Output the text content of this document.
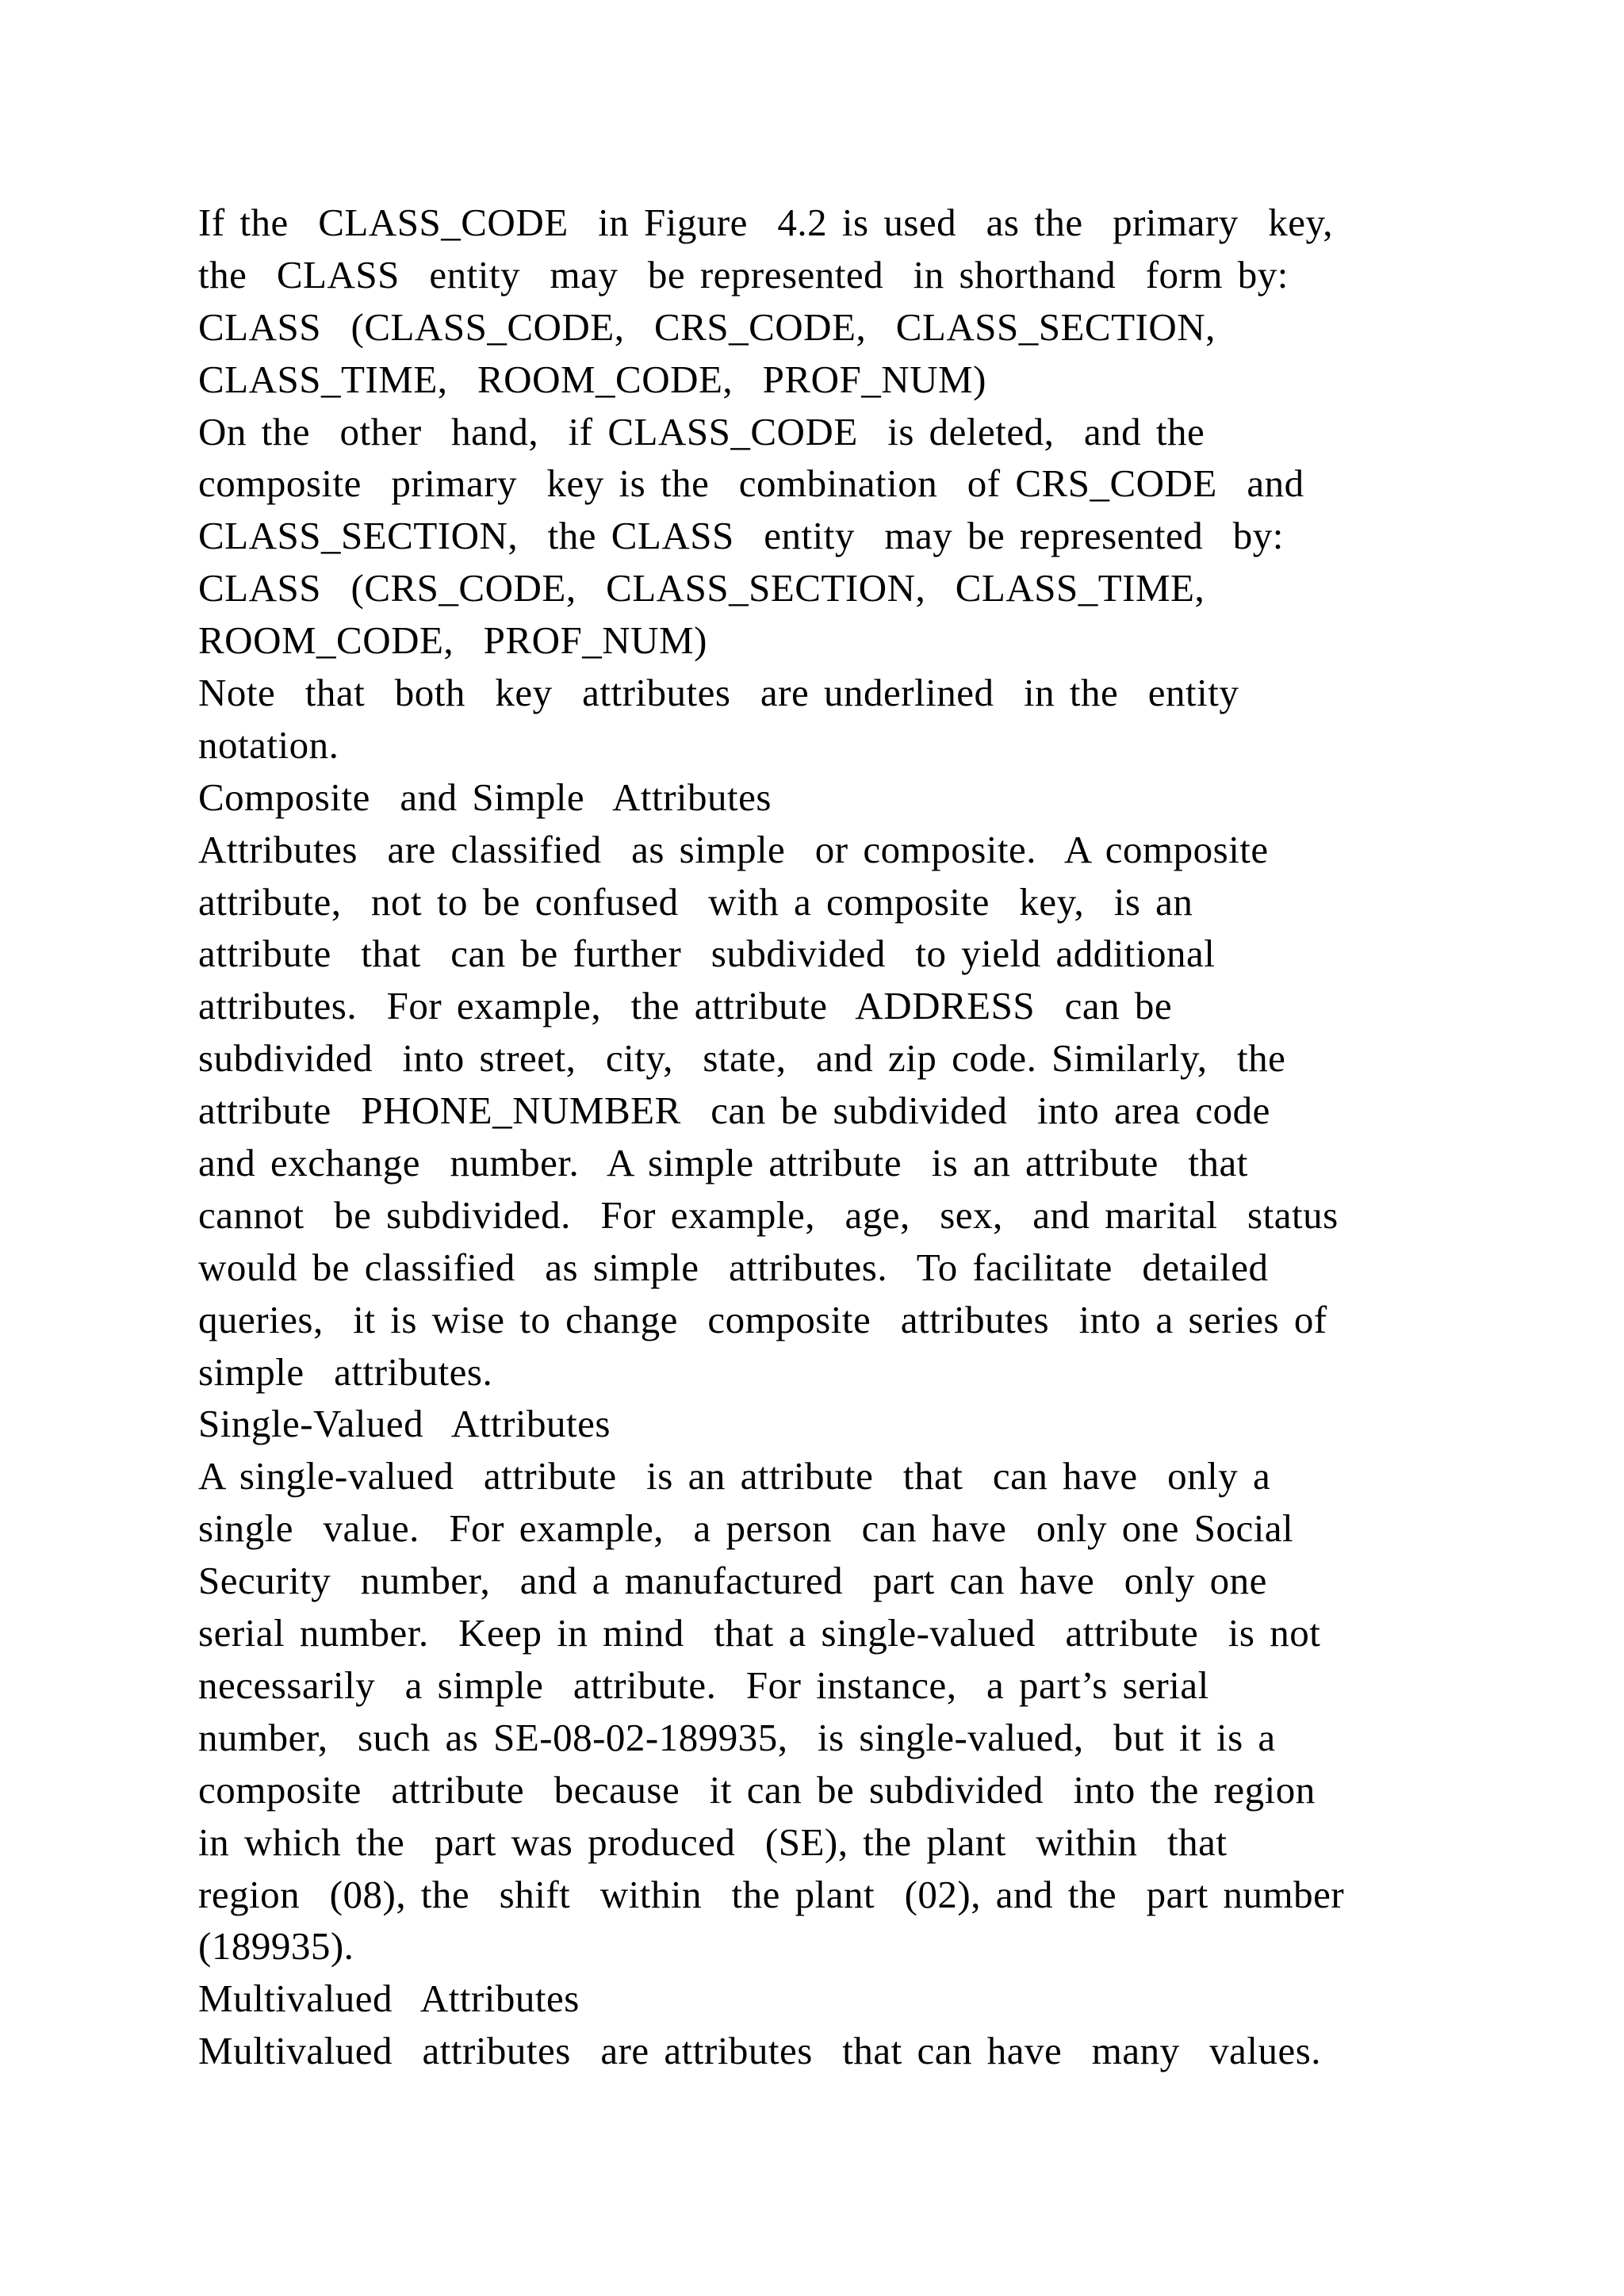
If the  CLASS_CODE  in Figure  4.2 is used  as the  primary  key,
the  CLASS  entity  may  be represented  in shorthand  form by:
CLASS  (CLASS_CODE,  CRS_CODE,  CLASS_SECTION,
CLASS_TIME,  ROOM_CODE,  PROF_NUM)
On the  other  hand,  if CLASS_CODE  is deleted,  and the
composite  primary  key is the  combination  of CRS_CODE  and
CLASS_SECTION,  the CLASS  entity  may be represented  by:
CLASS  (CRS_CODE,  CLASS_SECTION,  CLASS_TIME,
ROOM_CODE,  PROF_NUM)
Note  that  both  key  attributes  are underlined  in the  entity
notation.
Composite  and Simple  Attributes
Attributes  are classified  as simple  or composite.  A composite
attribute,  not to be confused  with a composite  key,  is an
attribute  that  can be further  subdivided  to yield additional
attributes.  For example,  the attribute  ADDRESS  can be
subdivided  into street,  city,  state,  and zip code. Similarly,  the
attribute  PHONE_NUMBER  can be subdivided  into area code
and exchange  number.  A simple attribute  is an attribute  that
cannot  be subdivided.  For example,  age,  sex,  and marital  status
would be classified  as simple  attributes.  To facilitate  detailed
queries,  it is wise to change  composite  attributes  into a series of
simple  attributes.
Single-Valued  Attributes
A single-valued  attribute  is an attribute  that  can have  only a
single  value.  For example,  a person  can have  only one Social
Security  number,  and a manufactured  part can have  only one
serial number.  Keep in mind  that a single-valued  attribute  is not
necessarily  a simple  attribute.  For instance,  a part’s serial
number,  such as SE-08-02-189935,  is single-valued,  but it is a
composite  attribute  because  it can be subdivided  into the region
in which the  part was produced  (SE), the plant  within  that
region  (08), the  shift  within  the plant  (02), and the  part number
(189935).
Multivalued  Attributes
Multivalued  attributes  are attributes  that can have  many  values.
